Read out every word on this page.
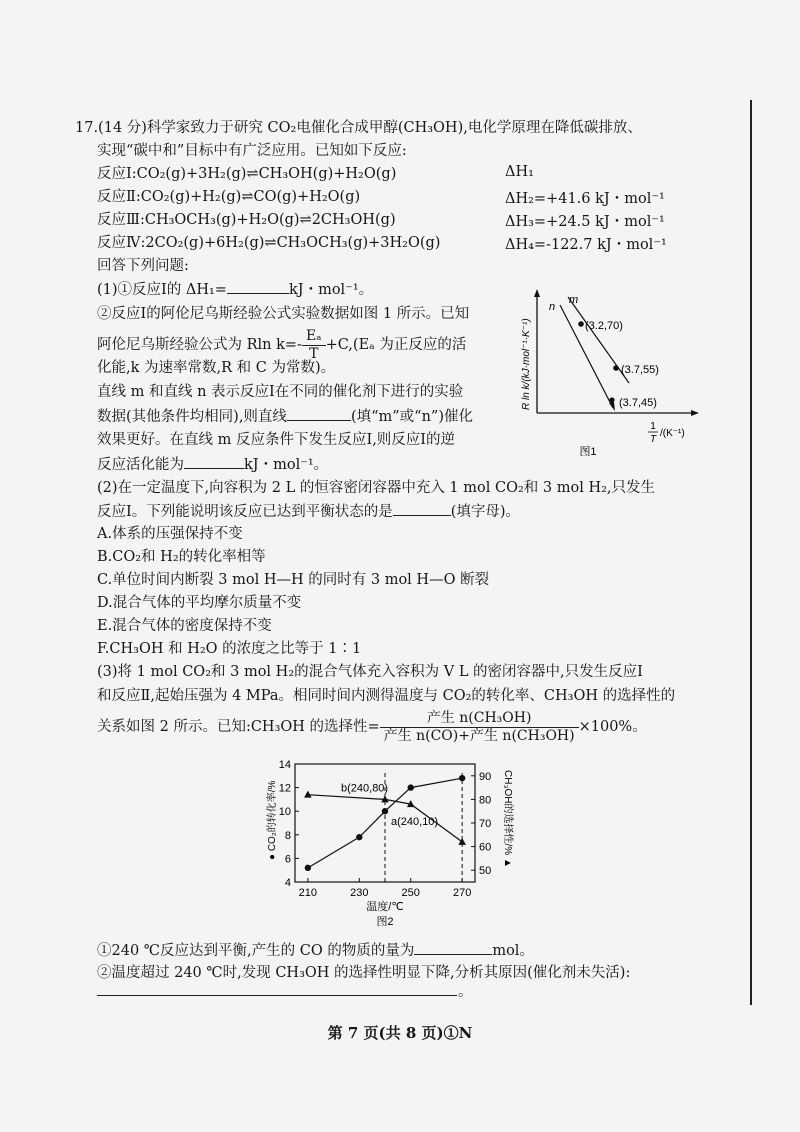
17.(14 分)科学家致力于研究 CO₂电催化合成甲醇(CH₃OH),电化学原理在降低碳排放、
实现“碳中和”目标中有广泛应用。已知如下反应:
反应Ⅰ:CO₂(g)+3H₂(g)⇌CH₃OH(g)+H₂O(g)	ΔH₁
反应Ⅱ:CO₂(g)+H₂(g)⇌CO(g)+H₂O(g)	ΔH₂=+41.6 kJ・mol⁻¹
反应Ⅲ:CH₃OCH₃(g)+H₂O(g)⇌2CH₃OH(g)	ΔH₃=+24.5 kJ・mol⁻¹
反应Ⅳ:2CO₂(g)+6H₂(g)⇌CH₃OCH₃(g)+3H₂O(g)	ΔH₄=-122.7 kJ・mol⁻¹
回答下列问题:
(1)①反应Ⅰ的 ΔH₁=	kJ・mol⁻¹。
②反应Ⅰ的阿伦尼乌斯经验公式实验数据如图 1 所示。已知
阿伦尼乌斯经验公式为 Rln $k=- \frac{\text{Eₐ}}{T} +C,(E_a$ 为正反应的活
化能,k 为速率常数,R 和 C 为常数)。
直线 m 和直线 n 表示反应Ⅰ在不同的催化剂下进行的实验
数据(其他条件均相同),则直线	(填“m”或“n”)催化
效果更好。在直线 m 反应条件下发生反应Ⅰ,则反应Ⅰ的逆
反应活化能为	kJ・mol⁻¹。
n
m
(3.2,70)
(3.7,55)
(3.7,45)
R ln k/(kJ·mol⁻¹·K⁻¹)
1
T
/(K⁻¹)
图1
(2)在一定温度下,向容积为 2 L 的恒容密闭容器中充入 1 mol CO₂和 3 mol H₂,只发生
反应Ⅰ。下列能说明该反应已达到平衡状态的是	(填字母)。
A.体系的压强保持不变
B.CO₂和 H₂的转化率相等
C.单位时间内断裂 3 mol H—H 的同时有 3 mol H—O 断裂
D.混合气体的平均摩尔质量不变
E.混合气体的密度保持不变
F.CH₃OH 和 H₂O 的浓度之比等于 1∶1
(3)将 1 mol CO₂和 3 mol H₂的混合气体充入容积为 V L 的密闭容器中,只发生反应Ⅰ
和反应Ⅱ,起始压强为 4 MPa。相同时间内测得温度与 CO₂的转化率、CH₃OH 的选择性的
关系如图 2 所示。已知:CH₃OH 的选择性= $\frac{\text{产生 n(CH₃OH)}}{\text{产生 n(CO)+产生 n(CH₃OH)}} \times 100\%$。
210	230	250	270
4
6
8
10
12
14
50
60
70
80
90
b(240,80)
a(240,10)
● CO₂的转化率/%	CH₃OH的选择性/% ▲
温度/℃
图2
①240 ℃反应达到平衡,产生的 CO 的物质的量为	mol。
②温度超过 240 ℃时,发现 CH₃OH 的选择性明显下降,分析其原因(催化剂未失活):
。
第 7 页(共 8 页)①N
